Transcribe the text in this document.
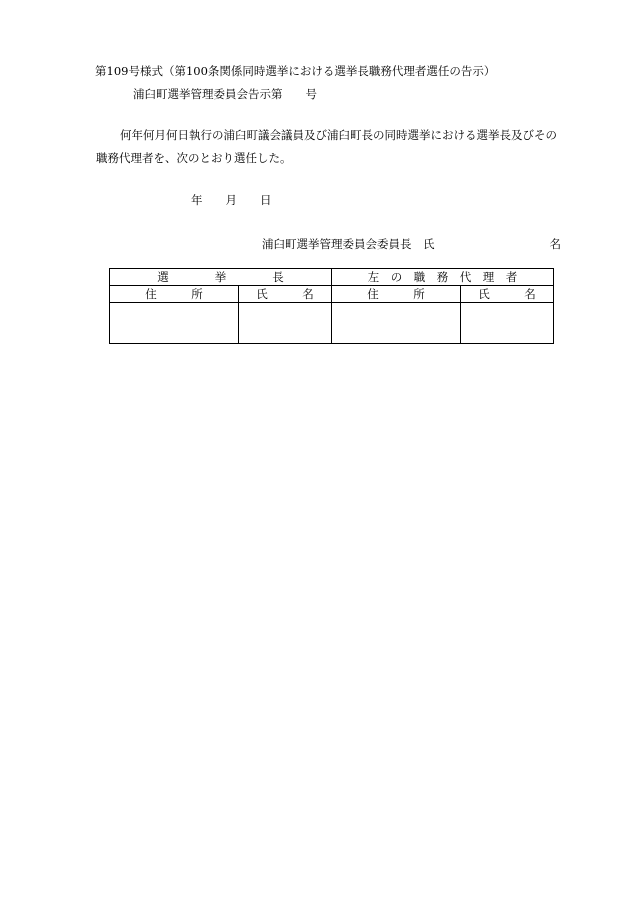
第109号様式（第100条関係同時選挙における選挙長職務代理者選任の告示）
浦臼町選挙管理委員会告示第　　号
何年何月何日執行の浦臼町議会議員及び浦臼町長の同時選挙における選挙長及びその
職務代理者を、次のとおり選任した。
年　　月　　日
浦臼町選挙管理委員会委員長　氏　　　　　　　　　　名
選　　　　挙　　　　長		左　の　職　務　代　理　者	
住　　　所	氏　　　名	住　　　所	氏　　　名
